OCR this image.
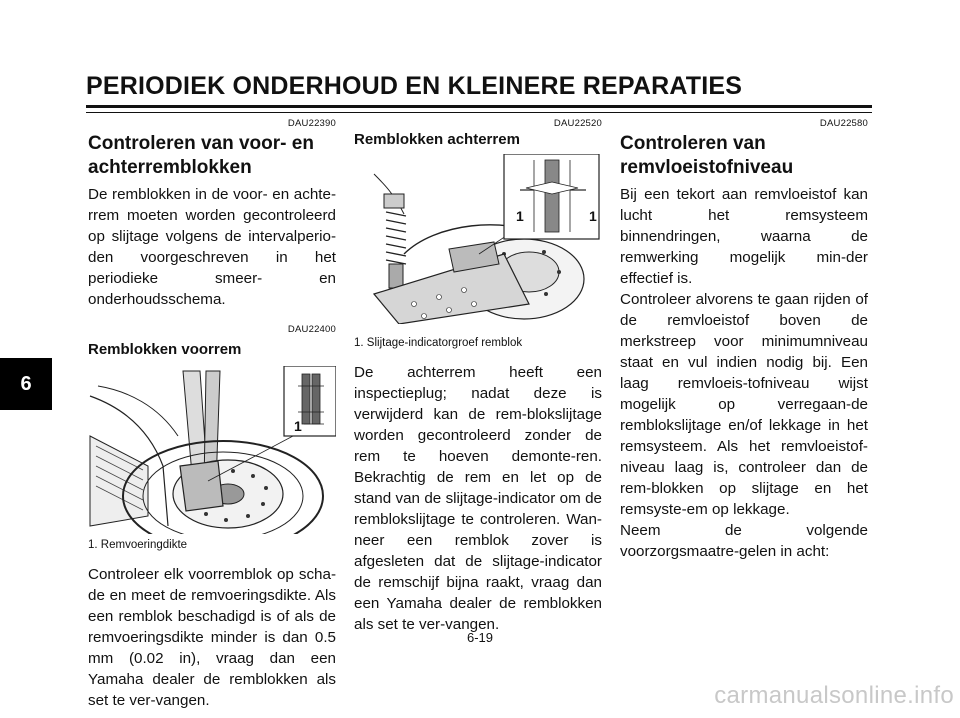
PERIODIEK ONDERHOUD EN KLEINERE REPARATIES
6
DAU22390
Controleren van voor- en achterremblokken

De remblokken in de voor- en achte-rrem moeten worden gecontroleerd op slijtage volgens de intervalperio-den voorgeschreven in het periodieke smeer- en onderhoudsschema.

DAU22400
Remblokken voorrem
1

1. Remvoeringdikte

Controleer elk voorremblok op scha-de en meet de remvoeringsdikte. Als een remblok beschadigd is of als de remvoeringsdikte minder is dan 0.5 mm (0.02 in), vraag dan een Yamaha dealer de remblokken als set te ver-vangen.

DAU22520
Remblokken achterrem
1	1

1. Slijtage-indicatorgroef remblok

De achterrem heeft een inspectieplug; nadat deze is verwijderd kan de rem-blokslijtage worden gecontroleerd zonder de rem te hoeven demonte-ren. Bekrachtig de rem en let op de stand van de slijtage-indicator om de remblokslijtage te controleren. Wan-neer een remblok zover is afgesleten dat de slijtage-indicator de remschijf bijna raakt, vraag dan een Yamaha dealer de remblokken als set te ver-vangen.

DAU22580
Controleren van remvloeistofniveau

Bij een tekort aan remvloeistof kan lucht het remsysteem binnendringen, waarna de remwerking mogelijk min-der effectief is.
Controleer alvorens te gaan rijden of de remvloeistof boven de merkstreep voor minimumniveau staat en vul indien nodig bij. Een laag remvloeis-tofniveau wijst mogelijk op verregaan-de remblokslijtage en/of lekkage in het remsysteem. Als het remvloeistof-niveau laag is, controleer dan de rem-blokken op slijtage en het remsyste-em op lekkage.
Neem de volgende voorzorgsmaatre-gelen in acht:

6-19
carmanualsonline.info
